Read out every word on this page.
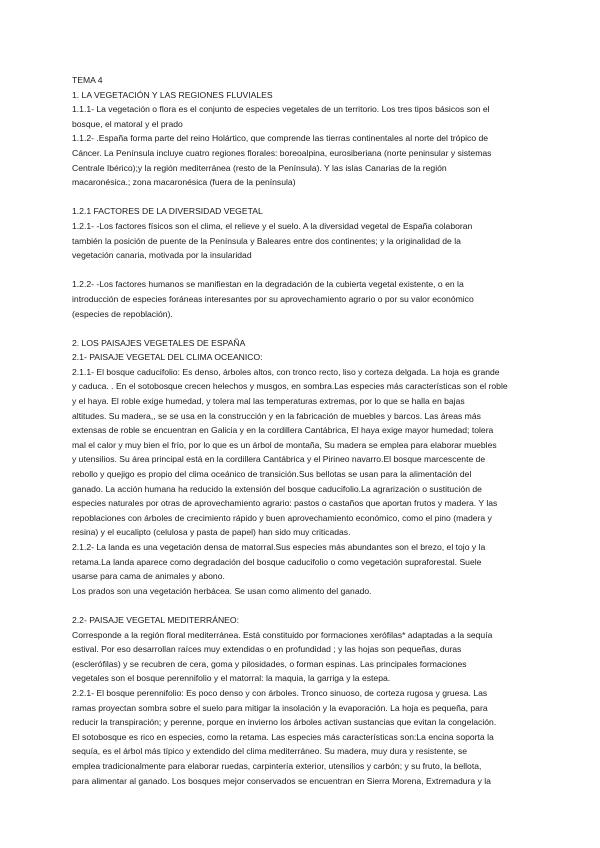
TEMA 4
1. LA VEGETACIÓN Y LAS REGIONES FLUVIALES
1.1.1- La vegetación o flora es el conjunto de especies vegetales de un territorio. Los tres tipos básicos son el
bosque, el matoral y el prado
1.1.2- .España forma parte del reino Holártico, que comprende las tierras continentales al norte del trópico de
Cáncer. La Península incluye cuatro regiones florales: boreoalpina, eurosiberiana (norte peninsular y sistemas
Centrale Ibérico);y la región mediterránea (resto de la Península). Y las islas Canarias de la región
macaronésica.; zona macaronésica (fuera de la península)
1.2.1 FACTORES DE LA DIVERSIDAD VEGETAL
1.2.1- -Los factores físicos son el clima, el relieve y el suelo. A la diversidad vegetal de España colaboran
también la posición de puente de la Península y Baleares entre dos continentes; y la originalidad de la
vegetación canaria, motivada por la insularidad
1.2.2- -Los factores humanos se manifiestan en la degradación de la cubierta vegetal existente, o en la
introducción de especies foráneas interesantes por su aprovechamiento agrario o por su valor económico
(especies de repoblación).
2. LOS PAISAJES VEGETALES DE ESPAÑA
2.1- PAISAJE VEGETAL DEL CLIMA OCEANICO:
2.1.1- El bosque caducifolio: Es denso, árboles altos, con tronco recto, liso y corteza delgada. La hoja es grande
y caduca. . En el sotobosque crecen helechos y musgos, en sombra.Las especies más características son el roble
y el haya. El roble exige humedad, y tolera mal las temperaturas extremas, por lo que se halla en bajas
altitudes. Su madera,, se se usa en la construcción y en la fabricación de muebles y barcos. Las áreas más
extensas de roble se encuentran en Galicia y en la cordillera Cantábrica, El haya exige mayor humedad; tolera
mal el calor y muy bien el frío, por lo que es un árbol de montaña, Su madera se emplea para elaborar muebles
y utensilios. Su área principal está en la cordillera Cantábrica y el Pirineo navarro.El bosque marcescente de
rebollo y quejigo es propio del clima oceánico de transición.Sus bellotas se usan para la alimentación del
ganado. La acción humana ha reducido la extensión del bosque caducifolio.La agrarización o sustitución de
especies naturales por otras de aprovechamiento agrario: pastos o castaños que aportan frutos y madera. Y las
repoblaciones con árboles de crecimiento rápido y buen aprovechamiento económico, como el pino (madera y
resina) y el eucalipto (celulosa y pasta de papel) han sido muy criticadas.
2.1.2- La landa es una vegetación densa de matorral.Sus especies más abundantes son el brezo, el tojo y la
retama.La landa aparece como degradación del bosque caducifolio o como vegetación supraforestal. Suele
usarse para cama de animales y abono.
Los prados son una vegetación herbácea. Se usan como alimento del ganado.
2.2- PAISAJE VEGETAL MEDITERRÁNEO:
Corresponde a la región floral mediterránea. Está constituido por formaciones xerófilas* adaptadas a la sequía
estival. Por eso desarrollan raíces muy extendidas o en profundidad ; y las hojas son pequeñas, duras
(esclerófilas) y se recubren de cera, goma y pilosidades, o forman espinas. Las principales formaciones
vegetales son el bosque perennifolio y el matorral: la maquia, la garriga y la estepa.
2.2.1- El bosque perennifolio: Es poco denso y con árboles. Tronco sinuoso, de corteza rugosa y gruesa. Las
ramas proyectan sombra sobre el suelo para mitigar la insolación y la evaporación. La hoja es pequeña, para
reducir la transpiración; y perenne, porque en invierno los árboles activan sustancias que evitan la congelación.
El sotobosque es rico en especies, como la retama. Las especies más características son:La encina soporta la
sequía, es el árbol más típico y extendido del clima mediterráneo. Su madera, muy dura y resistente, se
emplea tradicionalmente para elaborar ruedas, carpintería exterior, utensilios y carbón; y su fruto, la bellota,
para alimentar al ganado. Los bosques mejor conservados se encuentran en Sierra Morena, Extremadura y la
